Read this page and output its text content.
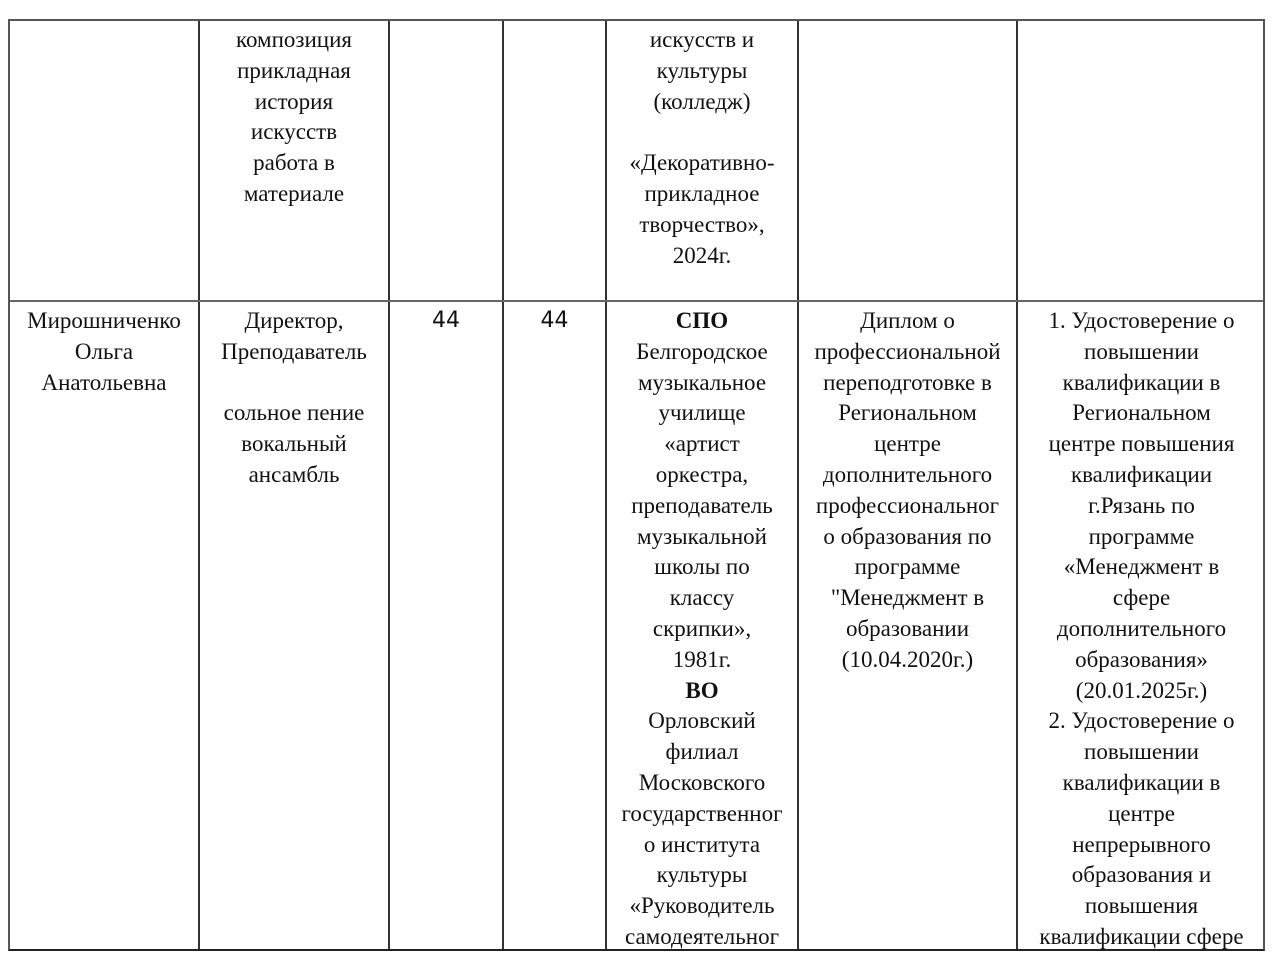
композиция
прикладная
история
искусств
работа в
материале
искусств и
культуры
(колледж)
«Декоративно-
прикладное
творчество»,
2024г.
Мирошниченко
Ольга
Анатольевна
Директор,
Преподаватель
сольное пение
вокальный
ансамбль
44	44	СПО
Белгородское
музыкальное
училище
«артист
оркестра,
преподаватель
музыкальной
школы по
классу
скрипки»,
1981г.
ВО
Орловский
филиал
Московского
государственног
о института
культуры
«Руководитель
самодеятельног
Диплом о
профессиональной
переподготовке в
Региональном
центре
дополнительного
профессиональног
о образования по
программе
"Менеджмент в
образовании
(10.04.2020г.)
1. Удостоверение о
повышении
квалификации в
Региональном
центре повышения
квалификации
г.Рязань по
программе
«Менеджмент в
сфере
дополнительного
образования»
(20.01.2025г.)
2. Удостоверение о
повышении
квалификации в
центре
непрерывного
образования и
повышения
квалификации сфере
